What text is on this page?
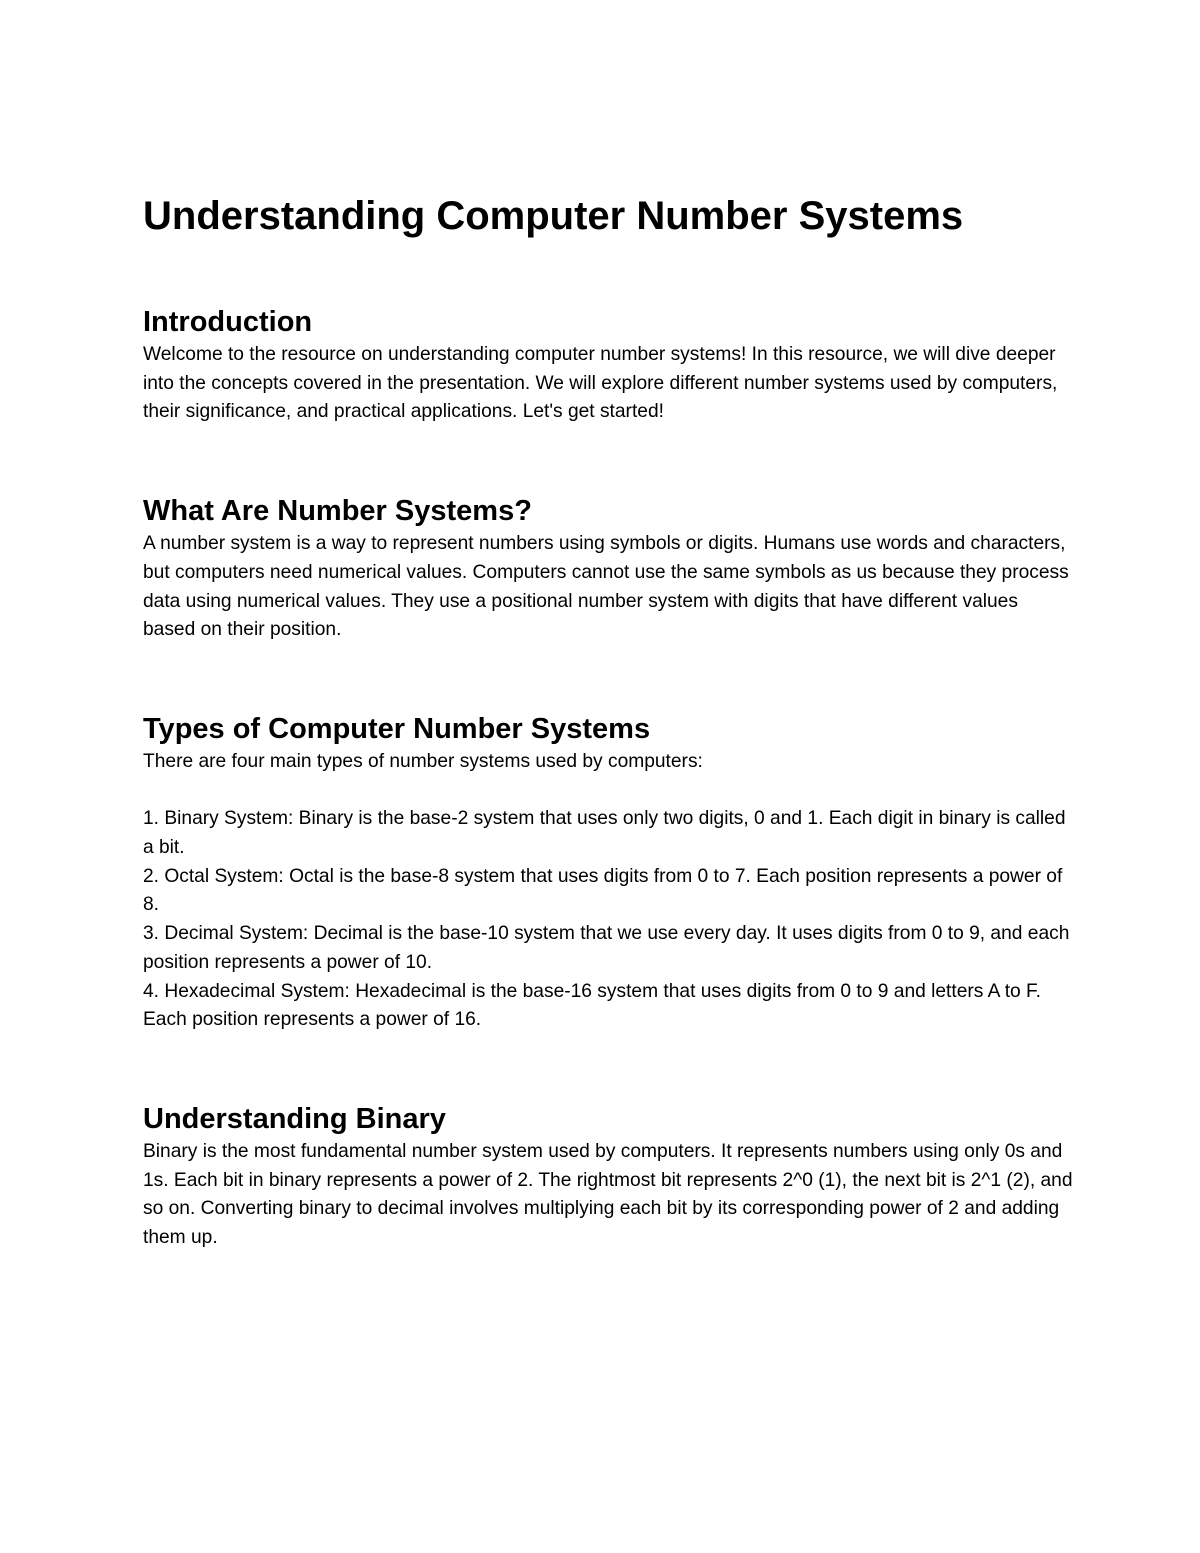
Understanding Computer Number Systems
Introduction

Welcome to the resource on understanding computer number systems! In this resource, we will dive deeper into the concepts covered in the presentation. We will explore different number systems used by computers, their significance, and practical applications. Let's get started!

What Are Number Systems?

A number system is a way to represent numbers using symbols or digits. Humans use words and characters, but computers need numerical values. Computers cannot use the same symbols as us because they process data using numerical values. They use a positional number system with digits that have different values based on their position.

Types of Computer Number Systems

There are four main types of number systems used by computers:

1. Binary System: Binary is the base-2 system that uses only two digits, 0 and 1. Each digit in binary is called a bit.
2. Octal System: Octal is the base-8 system that uses digits from 0 to 7. Each position represents a power of 8.
3. Decimal System: Decimal is the base-10 system that we use every day. It uses digits from 0 to 9, and each position represents a power of 10.
4. Hexadecimal System: Hexadecimal is the base-16 system that uses digits from 0 to 9 and letters A to F. Each position represents a power of 16.
Understanding Binary

Binary is the most fundamental number system used by computers. It represents numbers using only 0s and 1s. Each bit in binary represents a power of 2. The rightmost bit represents 2^0 (1), the next bit is 2^1 (2), and so on. Converting binary to decimal involves multiplying each bit by its corresponding power of 2 and adding them up.
